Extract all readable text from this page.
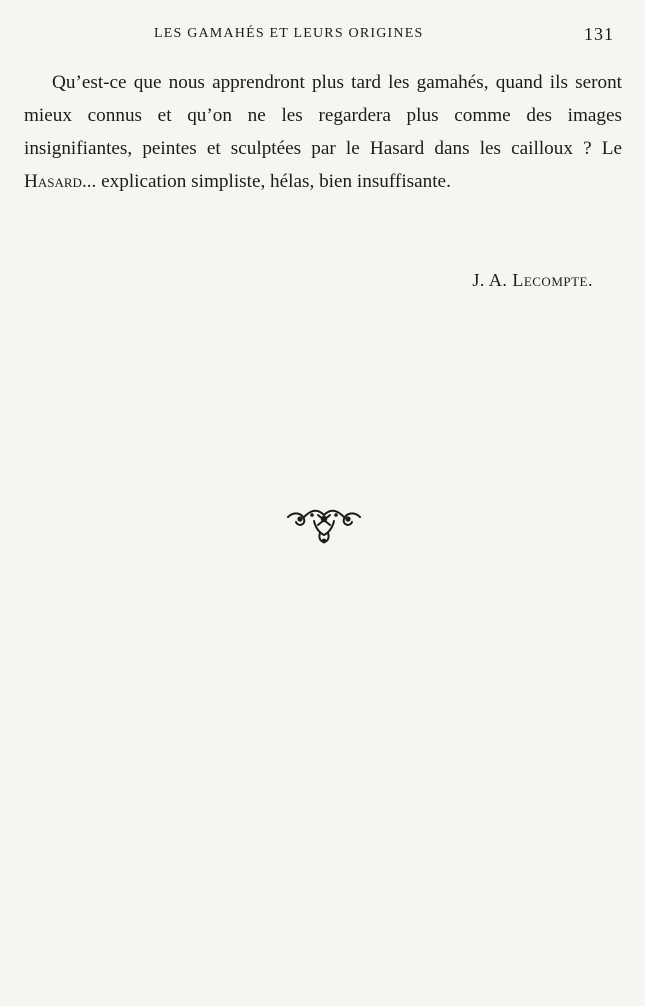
LES GAMAHÉS ET LEURS ORIGINES	131

Qu’est-ce que nous apprendront plus tard les gamahés, quand ils seront mieux connus et qu’on ne les regardera plus comme des images insignifiantes, peintes et sculptées par le Hasard dans les cailloux ? Le Hasard... explication simpliste, hélas, bien insuffisante.

J. A. Lecompte.
